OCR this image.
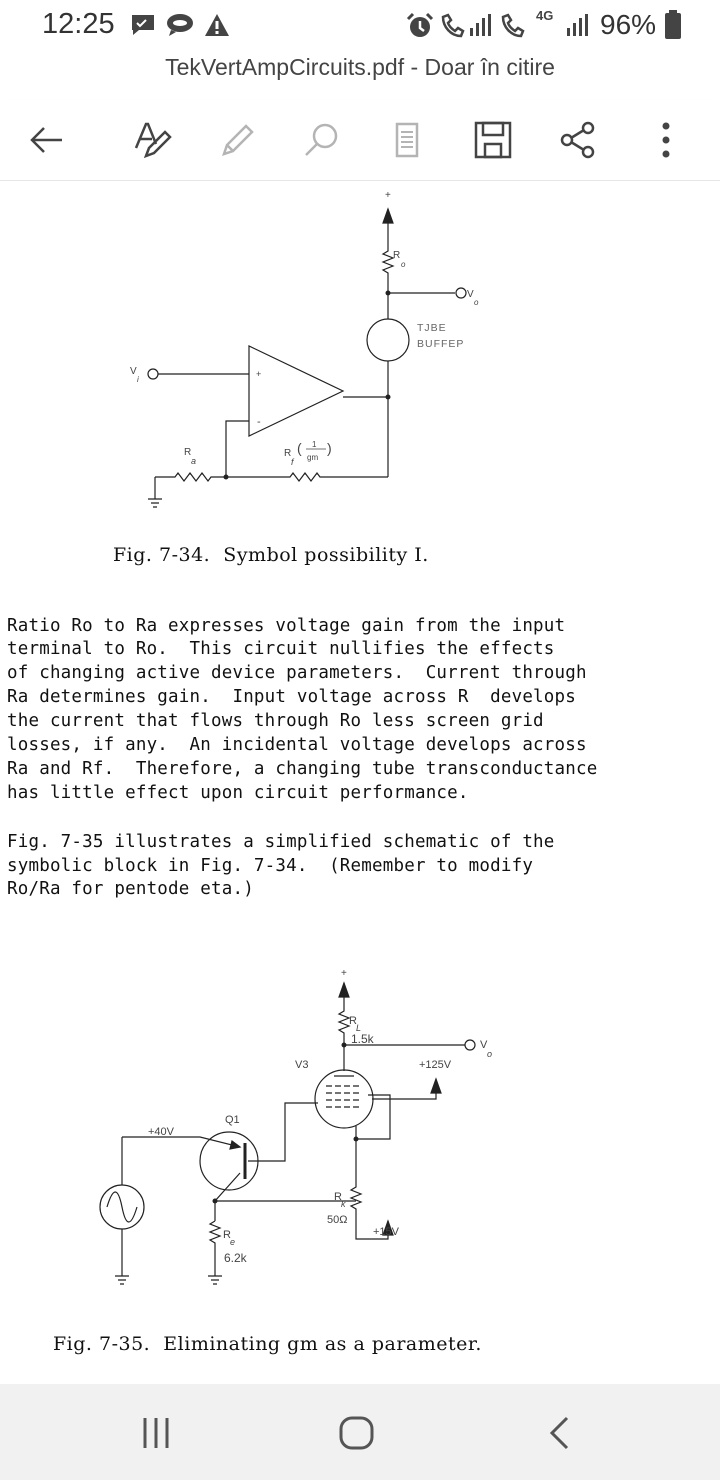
12:25	4G 96%
TekVertAmpCircuits.pdf - Doar în citire
+
R
o
V
o
TJBE
BUFFEP
V
i
+
-
R
a
R
f
( 1
gm
)
Fig. 7-34.  Symbol possibility I.
Ratio Ro to Ra expresses voltage gain from the input
terminal to Ro.  This circuit nullifies the effects
of changing active device parameters.  Current through
Ra determines gain.  Input voltage across R  develops
the current that flows through Ro less screen grid
losses, if any.  An incidental voltage develops across
Ra and Rf.  Therefore, a changing tube transconductance
has little effect upon circuit performance.
Fig. 7-35 illustrates a simplified schematic of the
symbolic block in Fig. 7-34.  (Remember to modify
Ro/Ra for pentode eta.)
+
R
L
1.5k	V
o
V3	+125V
Q1
+40V
R
k
50Ω
+15V
R
e
6.2k
Fig. 7-35.  Eliminating gm as a parameter.
